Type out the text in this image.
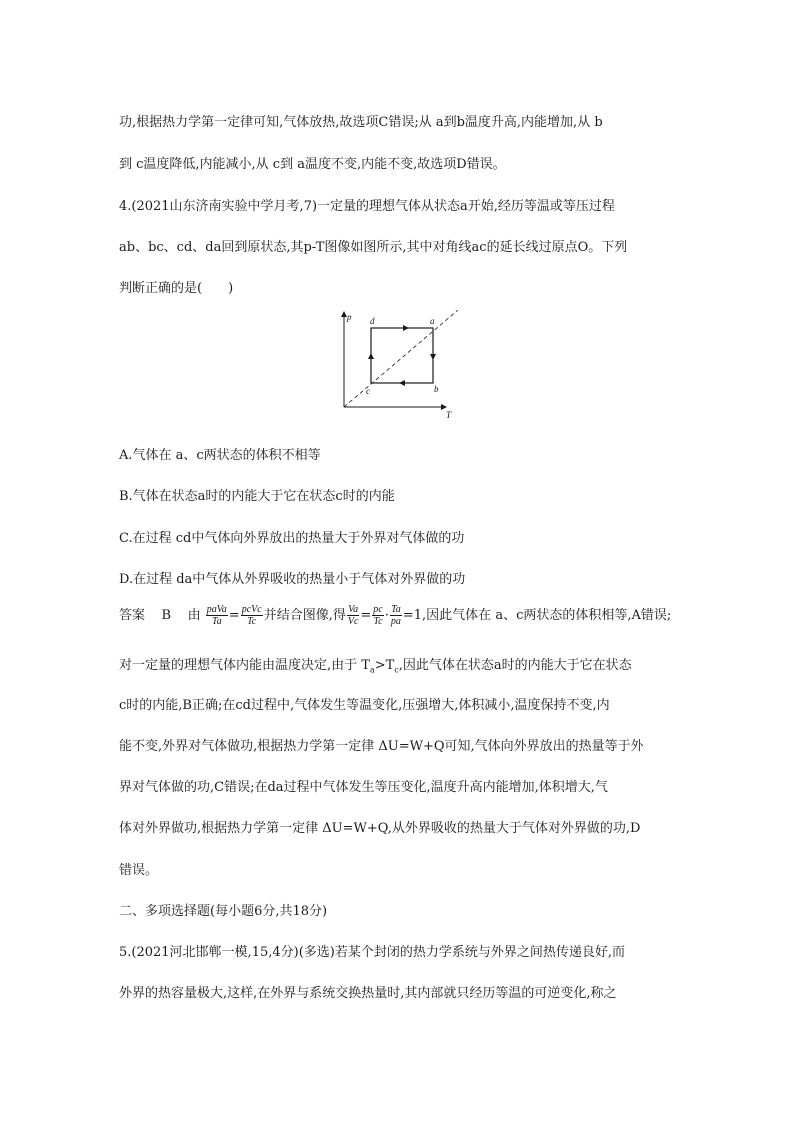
功,根据热力学第一定律可知,气体放热,故选项C错误;从 a到b温度升高,内能增加,从 b
到 c温度降低,内能减小,从 c到 a温度不变,内能不变,故选项D错误。
4.(2021山东济南实验中学月考,7)一定量的理想气体从状态a开始,经历等温或等压过程
ab、bc、cd、da回到原状态,其p-T图像如图所示,其中对角线ac的延长线过原点O。下列
判断正确的是(　　)
p
T
d	a
c	b
A.气体在 a、c两状态的体积不相等
B.气体在状态a时的内能大于它在状态c时的内能
C.在过程 cd中气体向外界放出的热量大于外界对气体做的功
D.在过程 da中气体从外界吸收的热量小于气体对外界做的功
答案 B 由 $\frac{\text{paVa}}{Ta} = \frac{\text{pcVc}}{Tc}$ 并结合图像,得 $\frac{Va}{Vc} = \frac{pc}{Tc} \cdot \frac{Ta}{pa} =1$,因此气体在 a、c两状态的体积相等,A错误;
对一定量的理想气体内能由温度决定,由于 $T_a>T_c$,因此气体在状态a时的内能大于它在状态
c时的内能,B正确;在cd过程中,气体发生等温变化,压强增大,体积减小,温度保持不变,内
能不变,外界对气体做功,根据热力学第一定律 ΔU=W+Q可知,气体向外界放出的热量等于外
界对气体做的功,C错误;在da过程中气体发生等压变化,温度升高内能增加,体积增大,气
体对外界做功,根据热力学第一定律 ΔU=W+Q,从外界吸收的热量大于气体对外界做的功,D
错误。
二、多项选择题(每小题6分,共18分)
5.(2021河北邯郸一模,15,4分)(多选)若某个封闭的热力学系统与外界之间热传递良好,而
外界的热容量极大,这样,在外界与系统交换热量时,其内部就只经历等温的可逆变化,称之
